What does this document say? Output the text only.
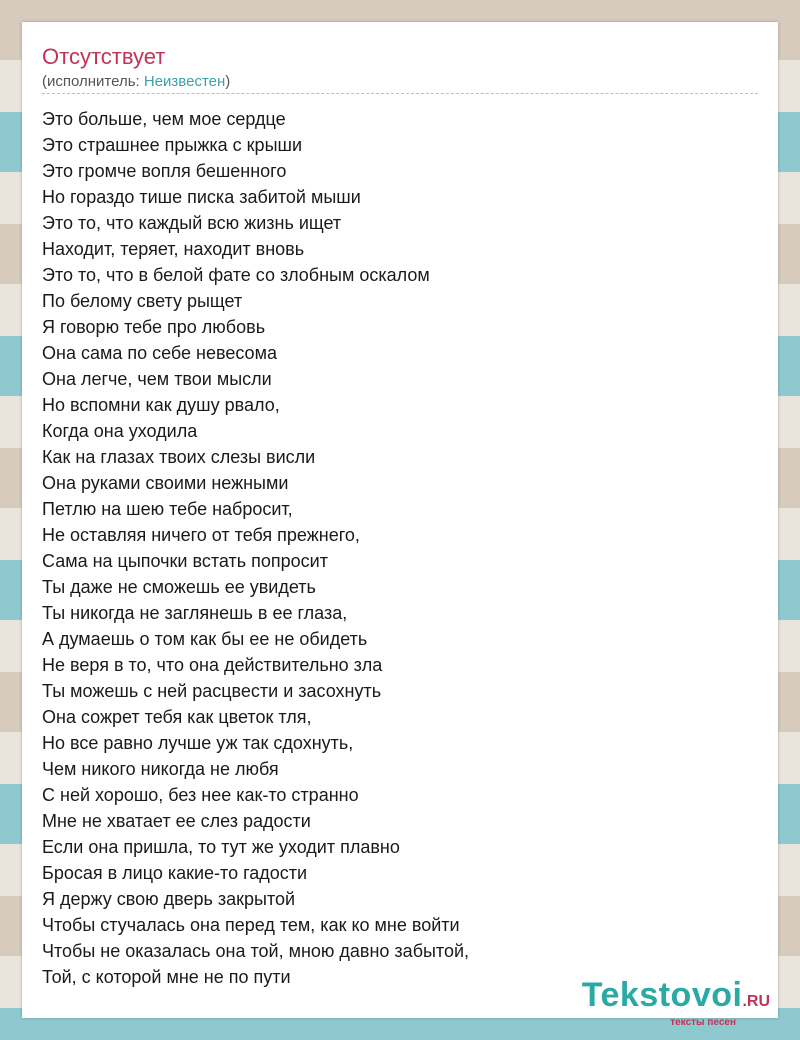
Отсутствует
(исполнитель: Неизвестен)
Это больше, чем мое сердце
Это страшнее прыжка с крыши
Это громче вопля бешенного
Но гораздо тише писка забитой мыши
Это то, что каждый всю жизнь ищет
Находит, теряет, находит вновь
Это то, что в белой фате со злобным оскалом
По белому свету рыщет
Я говорю тебе про любовь
Она сама по себе невесома
Она легче, чем твои мысли
Но вспомни как душу рвало,
Когда она уходила
Как на глазах твоих слезы висли
Она руками своими нежными
Петлю на шею тебе набросит,
Не оставляя ничего от тебя прежнего,
Сама на цыпочки встать попросит
Ты даже не сможешь ее увидеть
Ты никогда не заглянешь в ее глаза,
А думаешь о том как бы ее не обидеть
Не веря в то, что она действительно зла
Ты можешь с ней расцвести и засохнуть
Она сожрет тебя как цветок тля,
Но все равно лучше уж так сдохнуть,
Чем никого никогда не любя
С ней хорошо, без нее как-то странно
Мне не хватает ее слез радости
Если она пришла, то тут же уходит плавно
Бросая в лицо какие-то гадости
Я держу свою дверь закрытой
Чтобы стучалась она перед тем, как ко мне войти
Чтобы не оказалась она той, мною давно забытой,
Той, с которой мне не по пути	Tekstovoi.RU
тексты песен
